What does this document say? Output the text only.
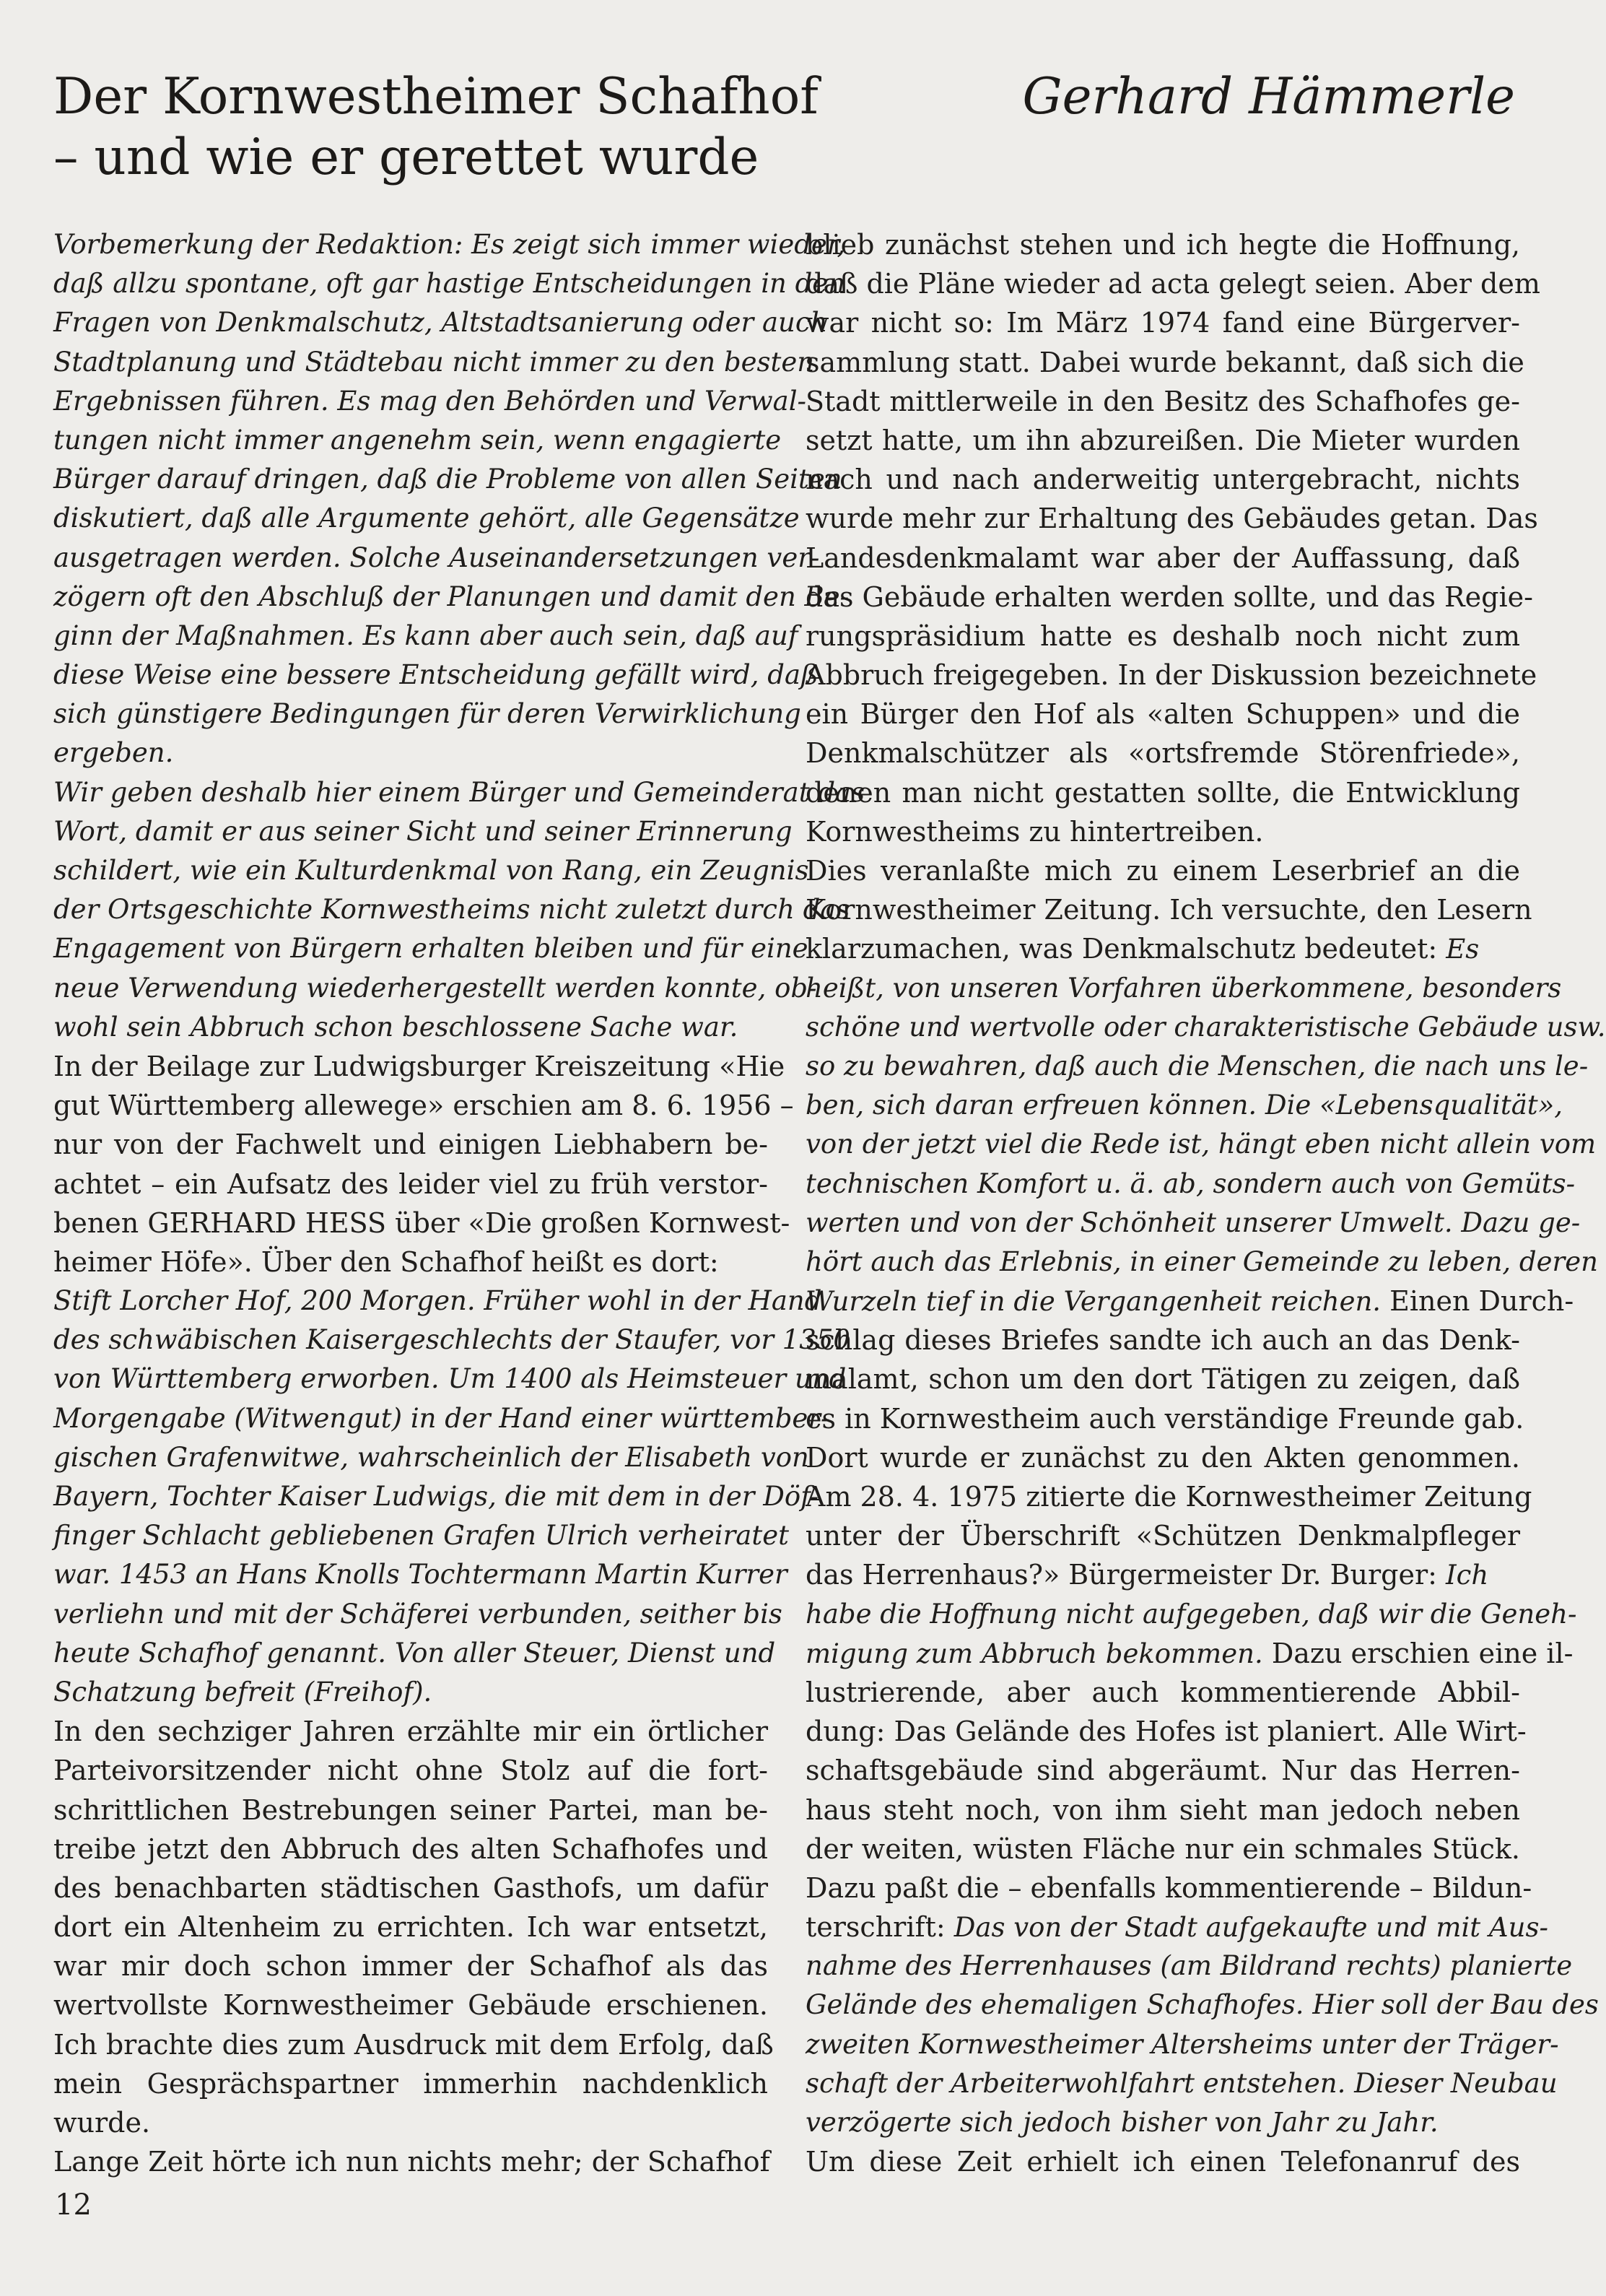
Der Kornwestheimer Schafhof
– und wie er gerettet wurde
Gerhard Hämmerle
Vorbemerkung der Redaktion: Es zeigt sich immer wieder,
daß allzu spontane, oft gar hastige Entscheidungen in den
Fragen von Denkmalschutz, Altstadtsanierung oder auch
Stadtplanung und Städtebau nicht immer zu den besten
Ergebnissen führen. Es mag den Behörden und Verwal-
tungen nicht immer angenehm sein, wenn engagierte
Bürger darauf dringen, daß die Probleme von allen Seiten
diskutiert, daß alle Argumente gehört, alle Gegensätze
ausgetragen werden. Solche Auseinandersetzungen ver-
zögern oft den Abschluß der Planungen und damit den Be-
ginn der Maßnahmen. Es kann aber auch sein, daß auf
diese Weise eine bessere Entscheidung gefällt wird, daß
sich günstigere Bedingungen für deren Verwirklichung
ergeben.
Wir geben deshalb hier einem Bürger und Gemeinderat das
Wort, damit er aus seiner Sicht und seiner Erinnerung
schildert, wie ein Kulturdenkmal von Rang, ein Zeugnis
der Ortsgeschichte Kornwestheims nicht zuletzt durch das
Engagement von Bürgern erhalten bleiben und für eine
neue Verwendung wiederhergestellt werden konnte, ob-
wohl sein Abbruch schon beschlossene Sache war.
In der Beilage zur Ludwigsburger Kreiszeitung «Hie
gut Württemberg allewege» erschien am 8. 6. 1956 –
nur von der Fachwelt und einigen Liebhabern be-
achtet – ein Aufsatz des leider viel zu früh verstor-
benen GERHARD HESS über «Die großen Kornwest-
heimer Höfe». Über den Schafhof heißt es dort:
Stift Lorcher Hof, 200 Morgen. Früher wohl in der Hand
des schwäbischen Kaisergeschlechts der Staufer, vor 1350
von Württemberg erworben. Um 1400 als Heimsteuer und
Morgengabe (Witwengut) in der Hand einer württember-
gischen Grafenwitwe, wahrscheinlich der Elisabeth von
Bayern, Tochter Kaiser Ludwigs, die mit dem in der Döf-
finger Schlacht gebliebenen Grafen Ulrich verheiratet
war. 1453 an Hans Knolls Tochtermann Martin Kurrer
verliehn und mit der Schäferei verbunden, seither bis
heute Schafhof genannt. Von aller Steuer, Dienst und
Schatzung befreit (Freihof).
In den sechziger Jahren erzählte mir ein örtlicher
Parteivorsitzender nicht ohne Stolz auf die fort-
schrittlichen Bestrebungen seiner Partei, man be-
treibe jetzt den Abbruch des alten Schafhofes und
des benachbarten städtischen Gasthofs, um dafür
dort ein Altenheim zu errichten. Ich war entsetzt,
war mir doch schon immer der Schafhof als das
wertvollste Kornwestheimer Gebäude erschienen.
Ich brachte dies zum Ausdruck mit dem Erfolg, daß
mein Gesprächspartner immerhin nachdenklich
wurde.
Lange Zeit hörte ich nun nichts mehr; der Schafhof
blieb zunächst stehen und ich hegte die Hoffnung,
daß die Pläne wieder ad acta gelegt seien. Aber dem
war nicht so: Im März 1974 fand eine Bürgerver-
sammlung statt. Dabei wurde bekannt, daß sich die
Stadt mittlerweile in den Besitz des Schafhofes ge-
setzt hatte, um ihn abzureißen. Die Mieter wurden
nach und nach anderweitig untergebracht, nichts
wurde mehr zur Erhaltung des Gebäudes getan. Das
Landesdenkmalamt war aber der Auffassung, daß
das Gebäude erhalten werden sollte, und das Regie-
rungspräsidium hatte es deshalb noch nicht zum
Abbruch freigegeben. In der Diskussion bezeichnete
ein Bürger den Hof als «alten Schuppen» und die
Denkmalschützer als «ortsfremde Störenfriede»,
denen man nicht gestatten sollte, die Entwicklung
Kornwestheims zu hintertreiben.
Dies veranlaßte mich zu einem Leserbrief an die
Kornwestheimer Zeitung. Ich versuchte, den Lesern
klarzumachen, was Denkmalschutz bedeutet: Es
heißt, von unseren Vorfahren überkommene, besonders
schöne und wertvolle oder charakteristische Gebäude usw.
so zu bewahren, daß auch die Menschen, die nach uns le-
ben, sich daran erfreuen können. Die «Lebensqualität»,
von der jetzt viel die Rede ist, hängt eben nicht allein vom
technischen Komfort u. ä. ab, sondern auch von Gemüts-
werten und von der Schönheit unserer Umwelt. Dazu ge-
hört auch das Erlebnis, in einer Gemeinde zu leben, deren
Wurzeln tief in die Vergangenheit reichen. Einen Durch-
schlag dieses Briefes sandte ich auch an das Denk-
malamt, schon um den dort Tätigen zu zeigen, daß
es in Kornwestheim auch verständige Freunde gab.
Dort wurde er zunächst zu den Akten genommen.
Am 28. 4. 1975 zitierte die Kornwestheimer Zeitung
unter der Überschrift «Schützen Denkmalpfleger
das Herrenhaus?» Bürgermeister Dr. Burger: Ich
habe die Hoffnung nicht aufgegeben, daß wir die Geneh-
migung zum Abbruch bekommen. Dazu erschien eine il-
lustrierende, aber auch kommentierende Abbil-
dung: Das Gelände des Hofes ist planiert. Alle Wirt-
schaftsgebäude sind abgeräumt. Nur das Herren-
haus steht noch, von ihm sieht man jedoch neben
der weiten, wüsten Fläche nur ein schmales Stück.
Dazu paßt die – ebenfalls kommentierende – Bildun-
terschrift: Das von der Stadt aufgekaufte und mit Aus-
nahme des Herrenhauses (am Bildrand rechts) planierte
Gelände des ehemaligen Schafhofes. Hier soll der Bau des
zweiten Kornwestheimer Altersheims unter der Träger-
schaft der Arbeiterwohlfahrt entstehen. Dieser Neubau
verzögerte sich jedoch bisher von Jahr zu Jahr.
Um diese Zeit erhielt ich einen Telefonanruf des
12
